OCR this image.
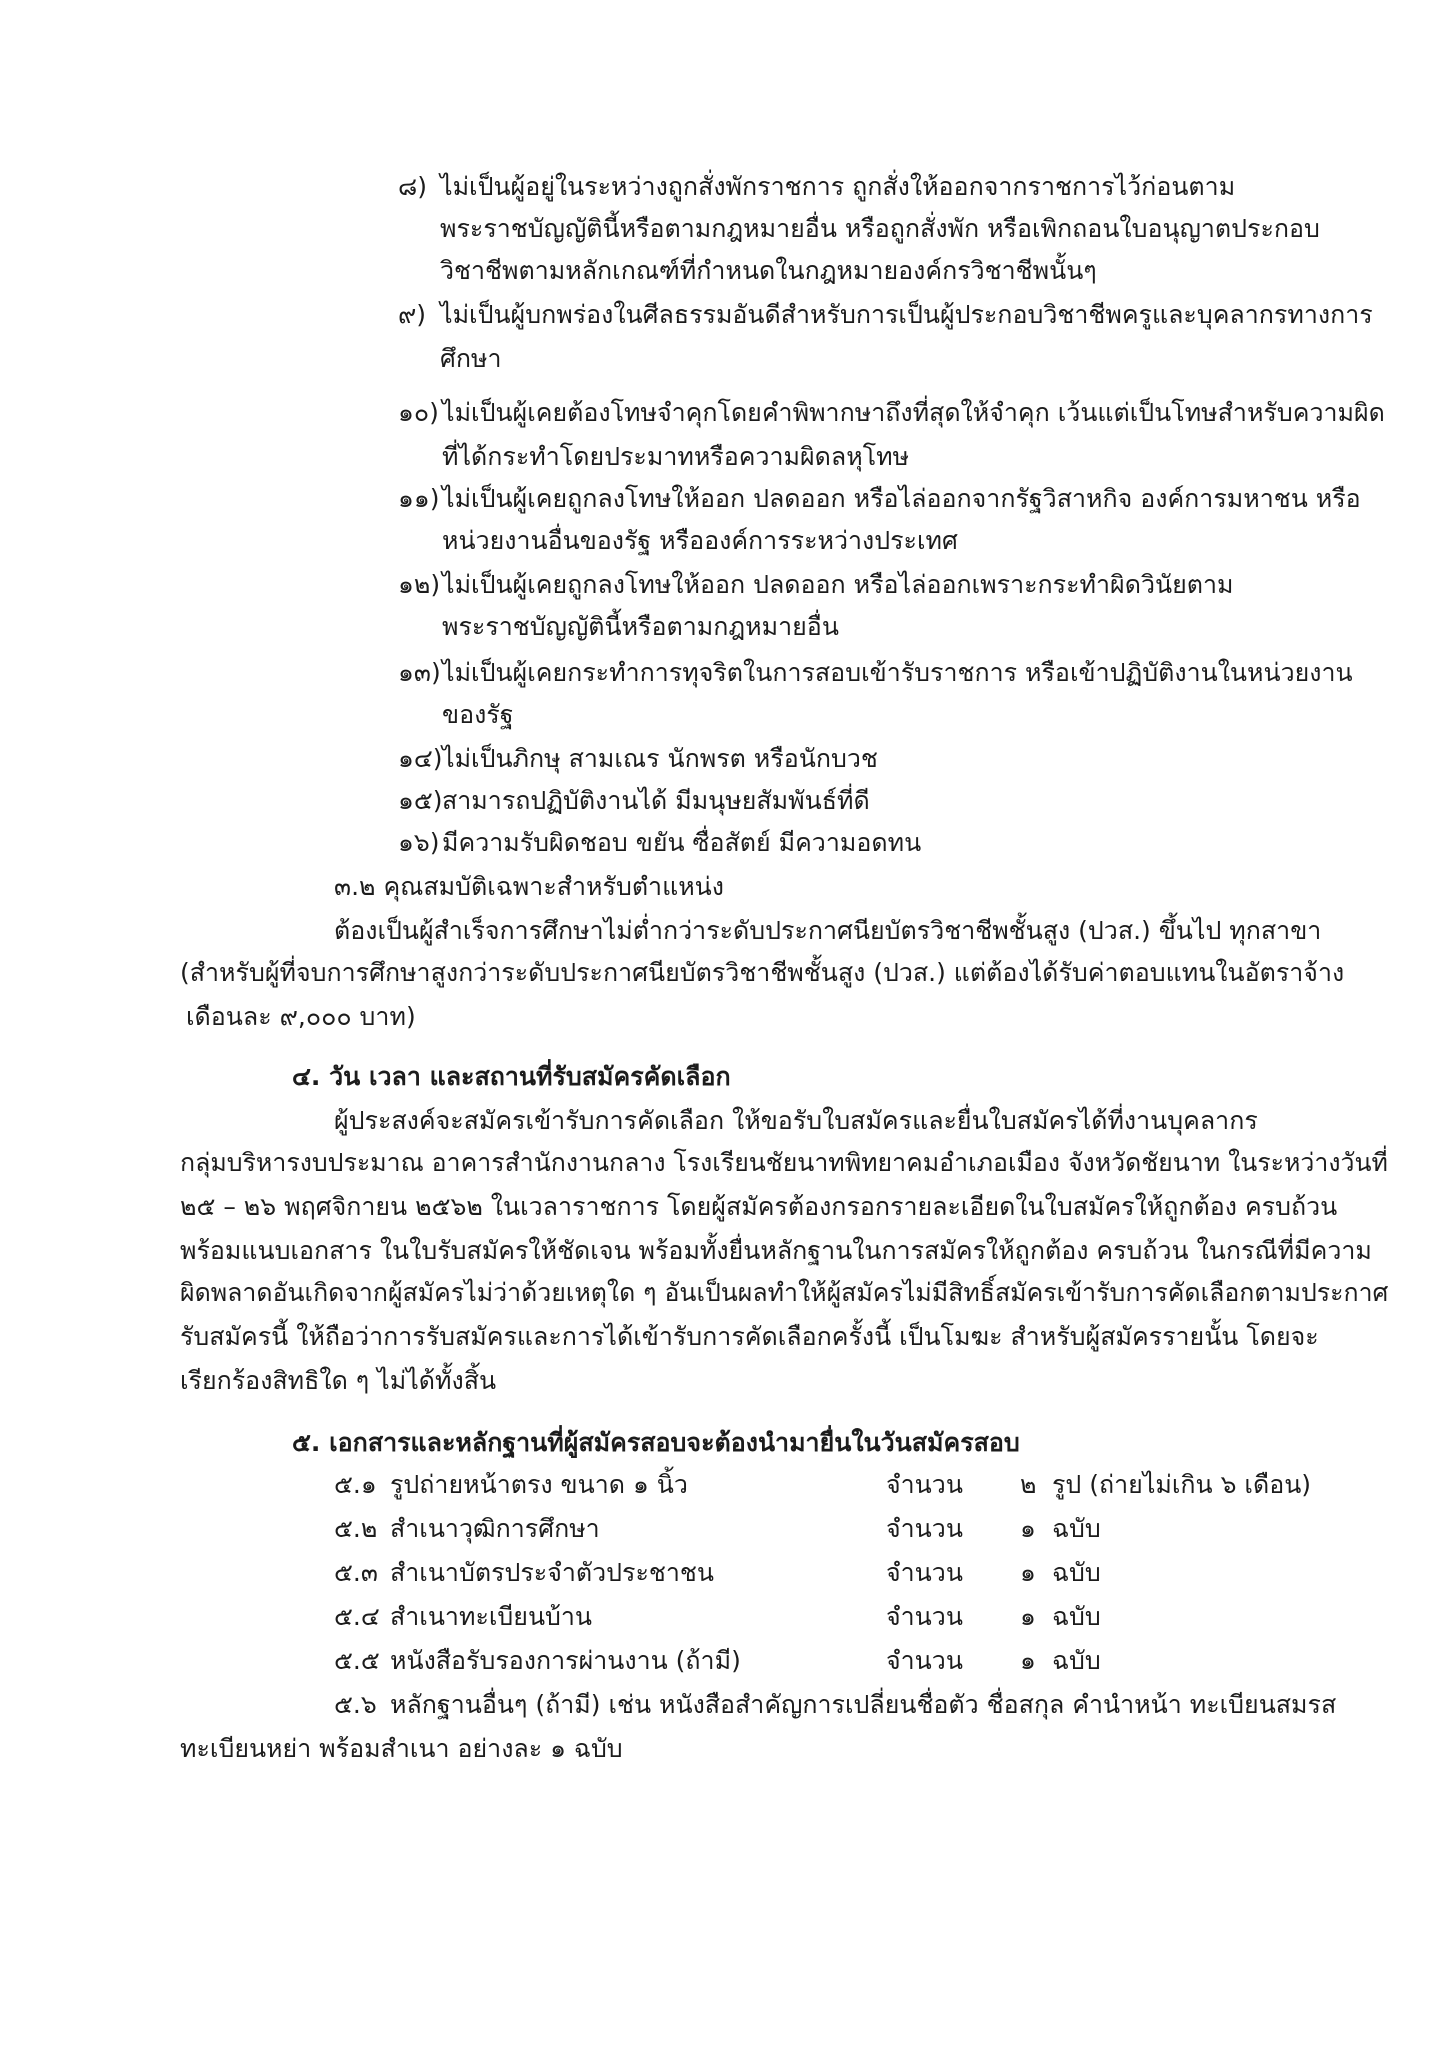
๘) ไม่เป็นผู้อยู่ในระหว่างถูกสั่งพักราชการ ถูกสั่งให้ออกจากราชการไว้ก่อนตาม
พระราชบัญญัตินี้หรือตามกฎหมายอื่น หรือถูกสั่งพัก หรือเพิกถอนใบอนุญาตประกอบ
วิชาชีพตามหลักเกณฑ์ที่กำหนดในกฎหมายองค์กรวิชาชีพนั้นๆ
๙) ไม่เป็นผู้บกพร่องในศีลธรรมอันดีสำหรับการเป็นผู้ประกอบวิชาชีพครูและบุคลากรทางการ
ศึกษา
๑๐) ไม่เป็นผู้เคยต้องโทษจำคุกโดยคำพิพากษาถึงที่สุดให้จำคุก เว้นแต่เป็นโทษสำหรับความผิด
ที่ได้กระทำโดยประมาทหรือความผิดลหุโทษ
๑๑) ไม่เป็นผู้เคยถูกลงโทษให้ออก ปลดออก หรือไล่ออกจากรัฐวิสาหกิจ องค์การมหาชน หรือ
หน่วยงานอื่นของรัฐ หรือองค์การระหว่างประเทศ
๑๒) ไม่เป็นผู้เคยถูกลงโทษให้ออก ปลดออก หรือไล่ออกเพราะกระทำผิดวินัยตาม
พระราชบัญญัตินี้หรือตามกฎหมายอื่น
๑๓) ไม่เป็นผู้เคยกระทำการทุจริตในการสอบเข้ารับราชการ หรือเข้าปฏิบัติงานในหน่วยงาน
ของรัฐ
๑๔) ไม่เป็นภิกษุ สามเณร นักพรต หรือนักบวช
๑๕) สามารถปฏิบัติงานได้ มีมนุษยสัมพันธ์ที่ดี
๑๖) มีความรับผิดชอบ ขยัน ซื่อสัตย์ มีความอดทน
๓.๒ คุณสมบัติเฉพาะสำหรับตำแหน่ง
ต้องเป็นผู้สำเร็จการศึกษาไม่ต่ำกว่าระดับประกาศนียบัตรวิชาชีพชั้นสูง (ปวส.) ขึ้นไป ทุกสาขา
(สำหรับผู้ที่จบการศึกษาสูงกว่าระดับประกาศนียบัตรวิชาชีพชั้นสูง (ปวส.) แต่ต้องได้รับค่าตอบแทนในอัตราจ้าง
เดือนละ ๙,๐๐๐ บาท)
๔. วัน เวลา และสถานที่รับสมัครคัดเลือก
ผู้ประสงค์จะสมัครเข้ารับการคัดเลือก ให้ขอรับใบสมัครและยื่นใบสมัครได้ที่งานบุคลากร
กลุ่มบริหารงบประมาณ อาคารสำนักงานกลาง โรงเรียนชัยนาทพิทยาคมอำเภอเมือง จังหวัดชัยนาท ในระหว่างวันที่
๒๕ – ๒๖ พฤศจิกายน ๒๕๖๒ ในเวลาราชการ โดยผู้สมัครต้องกรอกรายละเอียดในใบสมัครให้ถูกต้อง ครบถ้วน
พร้อมแนบเอกสาร ในใบรับสมัครให้ชัดเจน พร้อมทั้งยื่นหลักฐานในการสมัครให้ถูกต้อง ครบถ้วน ในกรณีที่มีความ
ผิดพลาดอันเกิดจากผู้สมัครไม่ว่าด้วยเหตุใด ๆ อันเป็นผลทำให้ผู้สมัครไม่มีสิทธิ์สมัครเข้ารับการคัดเลือกตามประกาศ
รับสมัครนี้ ให้ถือว่าการรับสมัครและการได้เข้ารับการคัดเลือกครั้งนี้ เป็นโมฆะ สำหรับผู้สมัครรายนั้น โดยจะ
เรียกร้องสิทธิใด ๆ ไม่ได้ทั้งสิ้น
๕. เอกสารและหลักฐานที่ผู้สมัครสอบจะต้องนำมายื่นในวันสมัครสอบ
๕.๑ รูปถ่ายหน้าตรง ขนาด ๑ นิ้ว	จำนวน ๒ รูป (ถ่ายไม่เกิน ๖ เดือน)
๕.๒ สำเนาวุฒิการศึกษา	จำนวน ๑ ฉบับ
๕.๓ สำเนาบัตรประจำตัวประชาชน	จำนวน ๑ ฉบับ
๕.๔ สำเนาทะเบียนบ้าน	จำนวน ๑ ฉบับ
๕.๕ หนังสือรับรองการผ่านงาน (ถ้ามี)	จำนวน ๑ ฉบับ
๕.๖ หลักฐานอื่นๆ (ถ้ามี) เช่น หนังสือสำคัญการเปลี่ยนชื่อตัว ชื่อสกุล คำนำหน้า ทะเบียนสมรส
ทะเบียนหย่า พร้อมสำเนา อย่างละ ๑ ฉบับ
